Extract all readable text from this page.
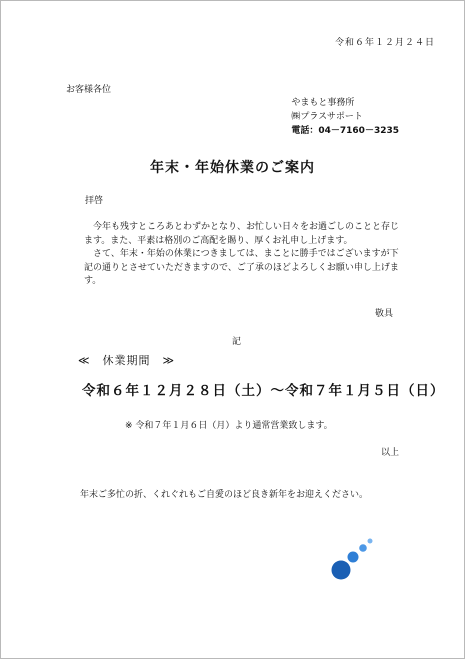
令和６年１２月２４日
お客様各位
やまもと事務所
㈱プラスサポート
電話：04－7160－3235
年末・年始休業のご案内
拝啓

今年も残すところあとわずかとなり、お忙しい日々をお過ごしのことと存じます。また、平素は格別のご高配を賜り、厚くお礼申し上げます。

さて、年末・年始の休業につきましては、まことに勝手ではございますが下記の通りとさせていただきますので、ご了承のほどよろしくお願い申し上げます。

敬具
記
≪　休業期間　≫
令和６年１２月２８日（土）～令和７年１月５日（日）
※ 令和７年１月６日（月）より通常営業致します。
以上
年末ご多忙の折、くれぐれもご自愛のほど良き新年をお迎えください。
